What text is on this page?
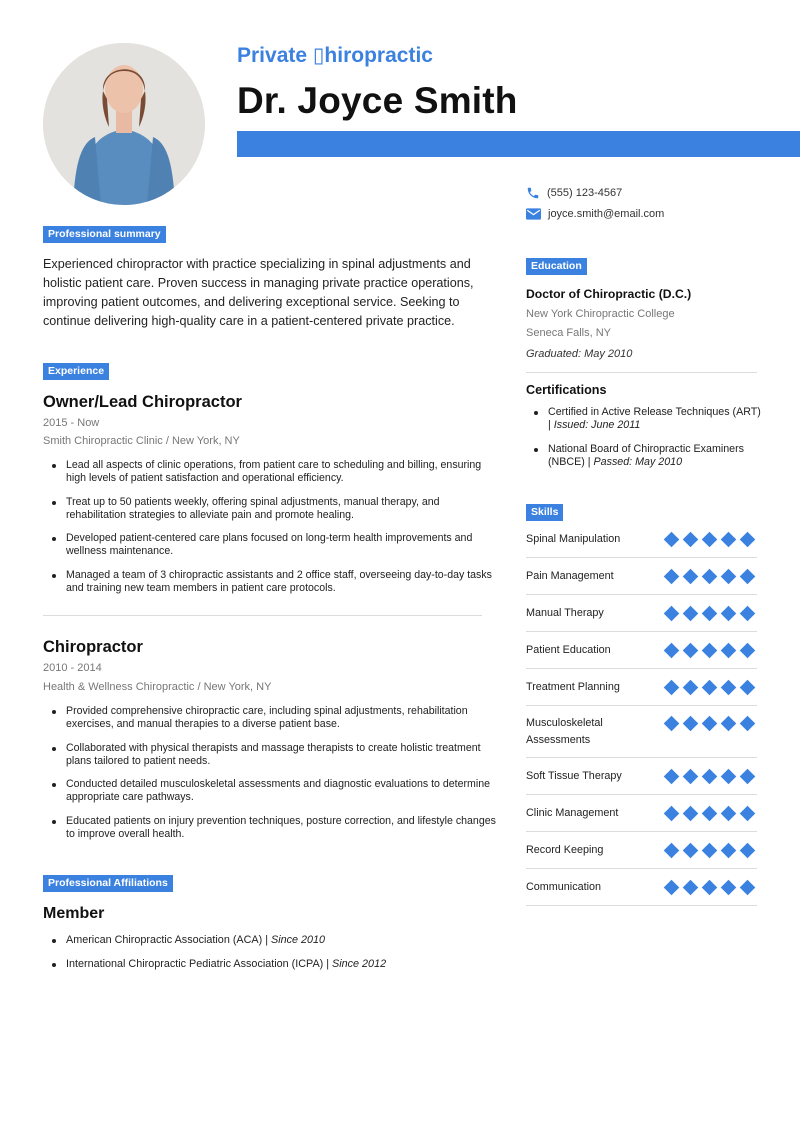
Private ▯hiropractic
Dr. Joyce Smith
(555) 123-4567
joyce.smith@email.com
Professional summary
Experienced chiropractor with practice specializing in spinal adjustments and holistic patient care. Proven success in managing private practice operations, improving patient outcomes, and delivering exceptional service. Seeking to continue delivering high-quality care in a patient-centered private practice.
Experience
Owner/Lead Chiropractor
2015 - Now
Smith Chiropractic Clinic / New York, NY
Lead all aspects of clinic operations, from patient care to scheduling and billing, ensuring high levels of patient satisfaction and operational efficiency.
Treat up to 50 patients weekly, offering spinal adjustments, manual therapy, and rehabilitation strategies to alleviate pain and promote healing.
Developed patient-centered care plans focused on long-term health improvements and wellness maintenance.
Managed a team of 3 chiropractic assistants and 2 office staff, overseeing day-to-day tasks and training new team members in patient care protocols.
Chiropractor
2010 - 2014
Health & Wellness Chiropractic / New York, NY
Provided comprehensive chiropractic care, including spinal adjustments, rehabilitation exercises, and manual therapies to a diverse patient base.
Collaborated with physical therapists and massage therapists to create holistic treatment plans tailored to patient needs.
Conducted detailed musculoskeletal assessments and diagnostic evaluations to determine appropriate care pathways.
Educated patients on injury prevention techniques, posture correction, and lifestyle changes to improve overall health.
Professional Affiliations
Member
American Chiropractic Association (ACA) | Since 2010
International Chiropractic Pediatric Association (ICPA) | Since 2012
Education
Doctor of Chiropractic (D.C.)
New York Chiropractic College
Seneca Falls, NY
Graduated: May 2010
Certifications
Certified in Active Release Techniques (ART) | Issued: June 2011
National Board of Chiropractic Examiners (NBCE) | Passed: May 2010
Skills
Spinal Manipulation
Pain Management
Manual Therapy
Patient Education
Treatment Planning
Musculoskeletal
Assessments
Soft Tissue Therapy
Clinic Management
Record Keeping
Communication
